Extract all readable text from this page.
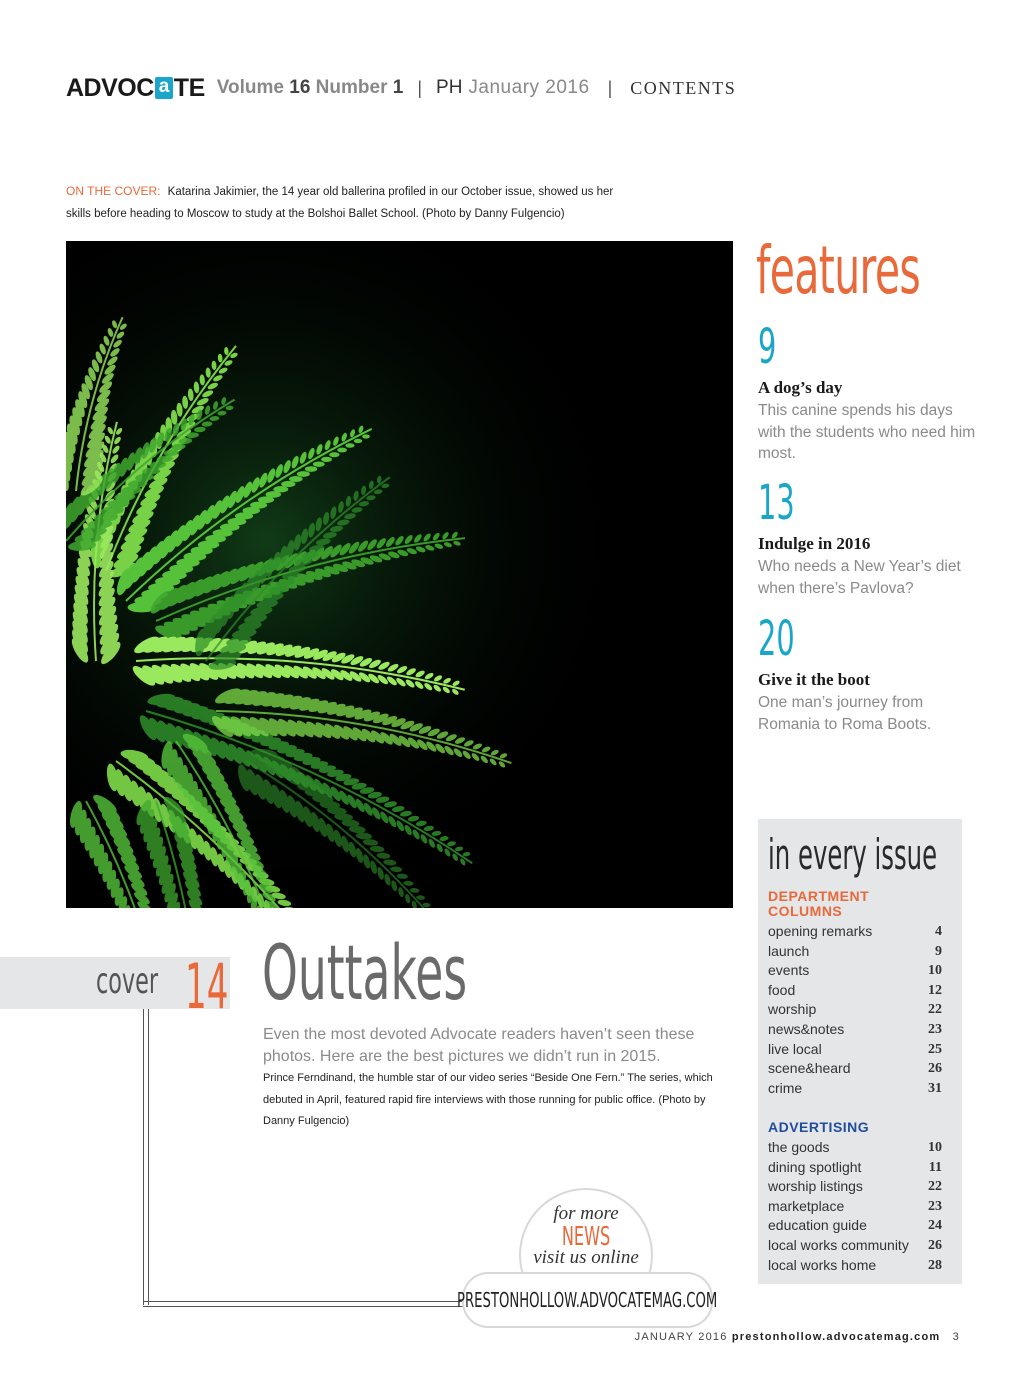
ADVOC a TE Volume 16 Number 1 | PH January 2016 | CONTENTS
ON THE COVER: Katarina Jakimier, the 14 year old ballerina profiled in our October issue, showed us her skills before heading to Moscow to study at the Bolshoi Ballet School. (Photo by Danny Fulgencio)
features
9
A dog’s day
This canine spends his days with the students who need him most.
13
Indulge in 2016
Who needs a New Year’s diet when there’s Pavlova?
20
Give it the boot
One man’s journey from Romania to Roma Boots.
in every issue
DEPARTMENT COLUMNS
opening remarks	4
launch	9
events	10
food	12
worship	22
news&notes	23
live local	25
scene&heard	26
crime	31
ADVERTISING
the goods	10
dining spotlight	11
worship listings	22
marketplace	23
education guide	24
local works community 26
local works home	28
cover 14 Outtakes
Even the most devoted Advocate readers haven’t seen these photos. Here are the best pictures we didn’t run in 2015.
Prince Ferndinand, the humble star of our video series “Beside One Fern.” The series, which debuted in April, featured rapid fire interviews with those running for public office. (Photo by Danny Fulgencio)
for more
NEWS
visit us online
PRESTONHOLLOW.ADVOCATEMAG.COM
JANUARY 2016 prestonhollow.advocatemag.com 3
